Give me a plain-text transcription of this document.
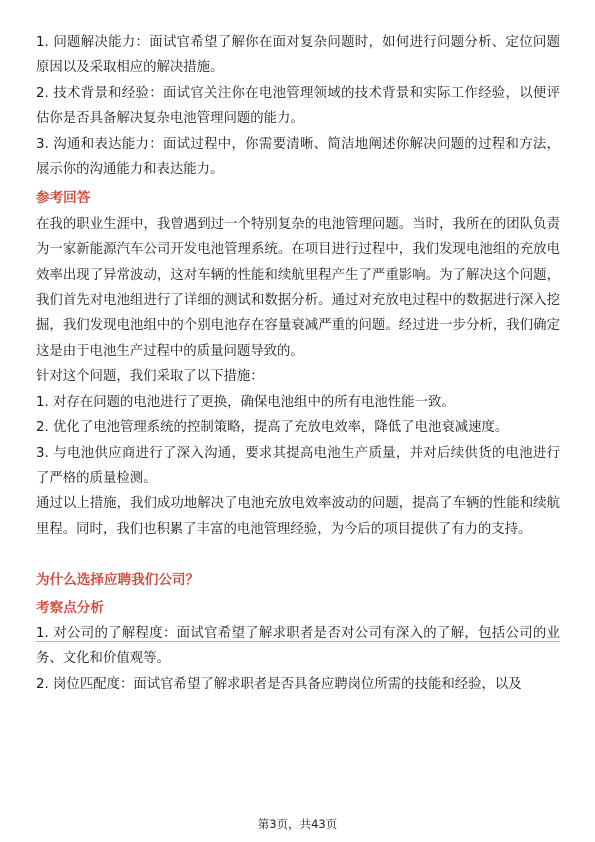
1. 问题解决能力：面试官希望了解你在面对复杂问题时，如何进行问题分析、定位问题原因以及采取相应的解决措施。

2. 技术背景和经验：面试官关注你在电池管理领域的技术背景和实际工作经验，以便评估你是否具备解决复杂电池管理问题的能力。

3. 沟通和表达能力：面试过程中，你需要清晰、简洁地阐述你解决问题的过程和方法，展示你的沟通能力和表达能力。

参考回答

在我的职业生涯中，我曾遇到过一个特别复杂的电池管理问题。当时，我所在的团队负责为一家新能源汽车公司开发电池管理系统。在项目进行过程中，我们发现电池组的充放电效率出现了异常波动，这对车辆的性能和续航里程产生了严重影响。为了解决这个问题，我们首先对电池组进行了详细的测试和数据分析。通过对充放电过程中的数据进行深入挖掘，我们发现电池组中的个别电池存在容量衰减严重的问题。经过进一步分析，我们确定这是由于电池生产过程中的质量问题导致的。

针对这个问题，我们采取了以下措施：

1. 对存在问题的电池进行了更换，确保电池组中的所有电池性能一致。

2. 优化了电池管理系统的控制策略，提高了充放电效率，降低了电池衰减速度。

3. 与电池供应商进行了深入沟通，要求其提高电池生产质量，并对后续供货的电池进行了严格的质量检测。

通过以上措施，我们成功地解决了电池充放电效率波动的问题，提高了车辆的性能和续航里程。同时，我们也积累了丰富的电池管理经验，为今后的项目提供了有力的支持。

为什么选择应聘我们公司？
考察点分析

1. 对公司的了解程度：面试官希望了解求职者是否对公司有深入的了解，包括公司的业务、文化和价值观等。

2. 岗位匹配度：面试官希望了解求职者是否具备应聘岗位所需的技能和经验，以及

第3页，共43页
